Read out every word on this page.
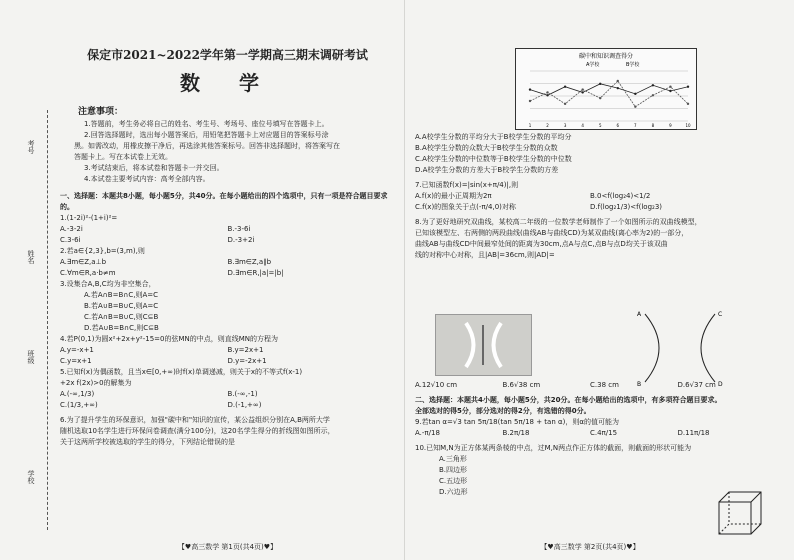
考号
姓名
班级
学校
保定市2021~2022学年第一学期高三期末调研考试
数 学
注意事项：
1.答题前，考生务必将自己的姓名、考生号、考场号、座位号填写在答题卡上。
2.回答选择题时，选出每小题答案后，用铅笔把答题卡上对应题目的答案标号涂
黑。如需改动，用橡皮擦干净后，再选涂其他答案标号。回答非选择题时，将答案写在
答题卡上。写在本试卷上无效。
3.考试结束后，将本试卷和答题卡一并交回。
4.本试卷主要考试内容：高考全部内容。
一、选择题：本题共8小题，每小题5分，共40分。在每小题给出的四个选项中，只有一项是符合题目要求的。
1.(1-2i)²-(1+i)²=
A.-3-2i	B.-3-6i
C.3-6i	D.-3+2i
2.若a∈{2,3},b=(3,m),则
A.∃m∈Z,a⊥b	B.∃m∈Z,a∥b
C.∀m∈R,a·b≠m	D.∃m∈R,|a|=|b|
3.设集合A,B,C均为非空集合，
A.若A∩B=B∩C,则A=C
B.若A∪B=B∪C,则A=C
C.若A∩B=B∪C,则C⊆B
D.若A∪B=B∩C,则C⊆B
4.若P(0,1)为圆x²+2x+y²-15=0的弦MN的中点，则直线MN的方程为
A.y=-x+1	B.y=2x+1
C.y=x+1	D.y=-2x+1
5.已知f(x)为偶函数，且当x∈[0,+∞)时f(x)单调递减，则关于x的不等式f(x-1)
+2x f(2x)>0的解集为
A.(-∞,1/3)	B.(-∞,-1)
C.(1/3,+∞)	D.(-1,+∞)
6.为了提升学生的环保意识，加强"碳中和"知识的宣传，某公益组织分别在A,B两所大学
随机选取10名学生进行环保问卷调查(满分100分)，这20名学生得分的折线图如图所示，
关于这两所学校被选取的学生的得分，下列结论错误的是
【♥高三数学 第1页(共4页)♥】
碳中和知识调查得分
A学校	B学校
1	2	3	4	5	6	7	8	9	10
A.A校学生分数的平均分大于B校学生分数的平均分
B.A校学生分数的众数大于B校学生分数的众数
C.A校学生分数的中位数等于B校学生分数的中位数
D.A校学生分数的方差大于B校学生分数的方差
7.已知函数f(x)=|sin(x+π/4)|,则
A.f(x)的最小正周期为2π	B.0<f(log₂4)<1/2
C.f(x)的图象关于点(-π/4,0)对称	D.f(log₂1/3)<f(log₂3)
8.为了更好地研究双曲线，某校高二年级的一位数学老师制作了一个如图所示的双曲线模型，
已知该模型左、右两侧的两段曲线(曲线AB与曲线CD)为某双曲线(离心率为2)的一部分，
曲线AB与曲线CD中间最窄处间的距离为30cm,点A与点C,点B与点D均关于该双曲
线的对称中心对称，且|AB|=36cm,则|AD|=
A
B
C
D
A.12√10 cm	B.6√38 cm	C.38 cm	D.6√37 cm
二、选择题：本题共4小题，每小题5分，共20分。在每小题给出的选项中，有多项符合题目要求。
全部选对的得5分，部分选对的得2分，有选错的得0分。
9.若tan α=√3 tan 5π/18(tan 5π/18 + tan α)，则α的值可能为
A.-π/18	B.2π/18	C.4π/15	D.11π/18
10.已知M,N为正方体某两条棱的中点，过M,N两点作正方体的截面，则截面的形状可能为
A.三角形
B.四边形
C.五边形
D.六边形
【♥高三数学 第2页(共4页)♥】
